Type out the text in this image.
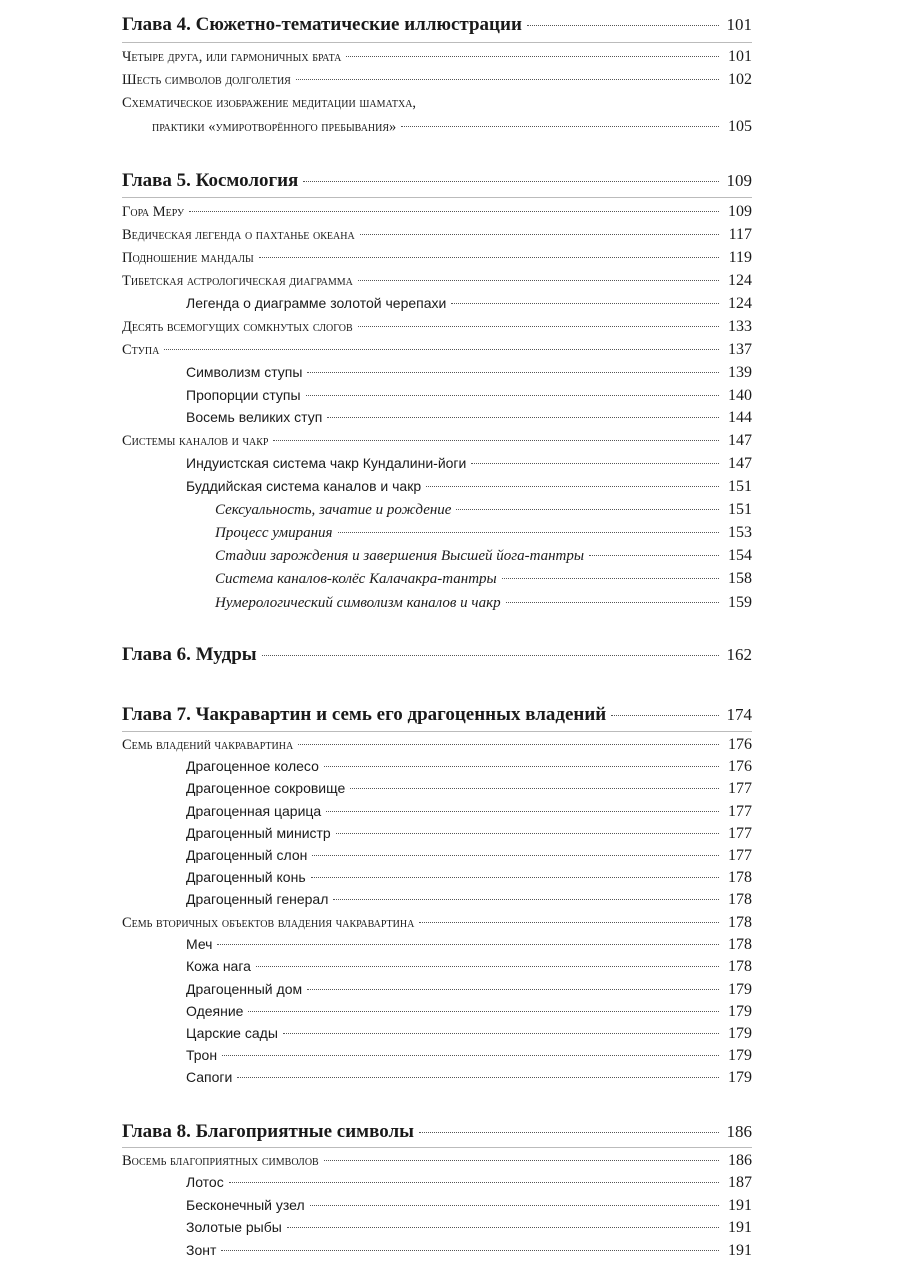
Глава 4. Сюжетно-тематические иллюстрации	101
Четыре друга, или гармоничных брата	101
Шесть символов долголетия	102
Схематическое изображение медитации шаматха,
практики «умиротворённого пребывания»	105
Глава 5. Космология	109
Гора Меру	109
Ведическая легенда о пахтанье океана	117
Подношение мандалы	119
Тибетская астрологическая диаграмма	124
Легенда о диаграмме золотой черепахи	124
Десять всемогущих сомкнутых слогов	133
Ступа	137
Символизм ступы	139
Пропорции ступы	140
Восемь великих ступ	144
Системы каналов и чакр	147
Индуистская система чакр Кундалини-йоги	147
Буддийская система каналов и чакр	151
Сексуальность, зачатие и рождение	151
Процесс умирания	153
Стадии зарождения и завершения Высшей йога-тантры	154
Система каналов-колёс Калачакра-тантры	158
Нумерологический символизм каналов и чакр	159
Глава 6. Мудры	162
Глава 7. Чакравартин и семь его драгоценных владений	174
Семь владений чакравартина	176
Драгоценное колесо	176
Драгоценное сокровище	177
Драгоценная царица	177
Драгоценный министр	177
Драгоценный слон	177
Драгоценный конь	178
Драгоценный генерал	178
Семь вторичных объектов владения чакравартина	178
Меч	178
Кожа нага	178
Драгоценный дом	179
Одеяние	179
Царские сады	179
Трон	179
Сапоги	179
Глава 8. Благоприятные символы	186
Восемь благоприятных символов	186
Лотос	187
Бесконечный узел	191
Золотые рыбы	191
Зонт	191
